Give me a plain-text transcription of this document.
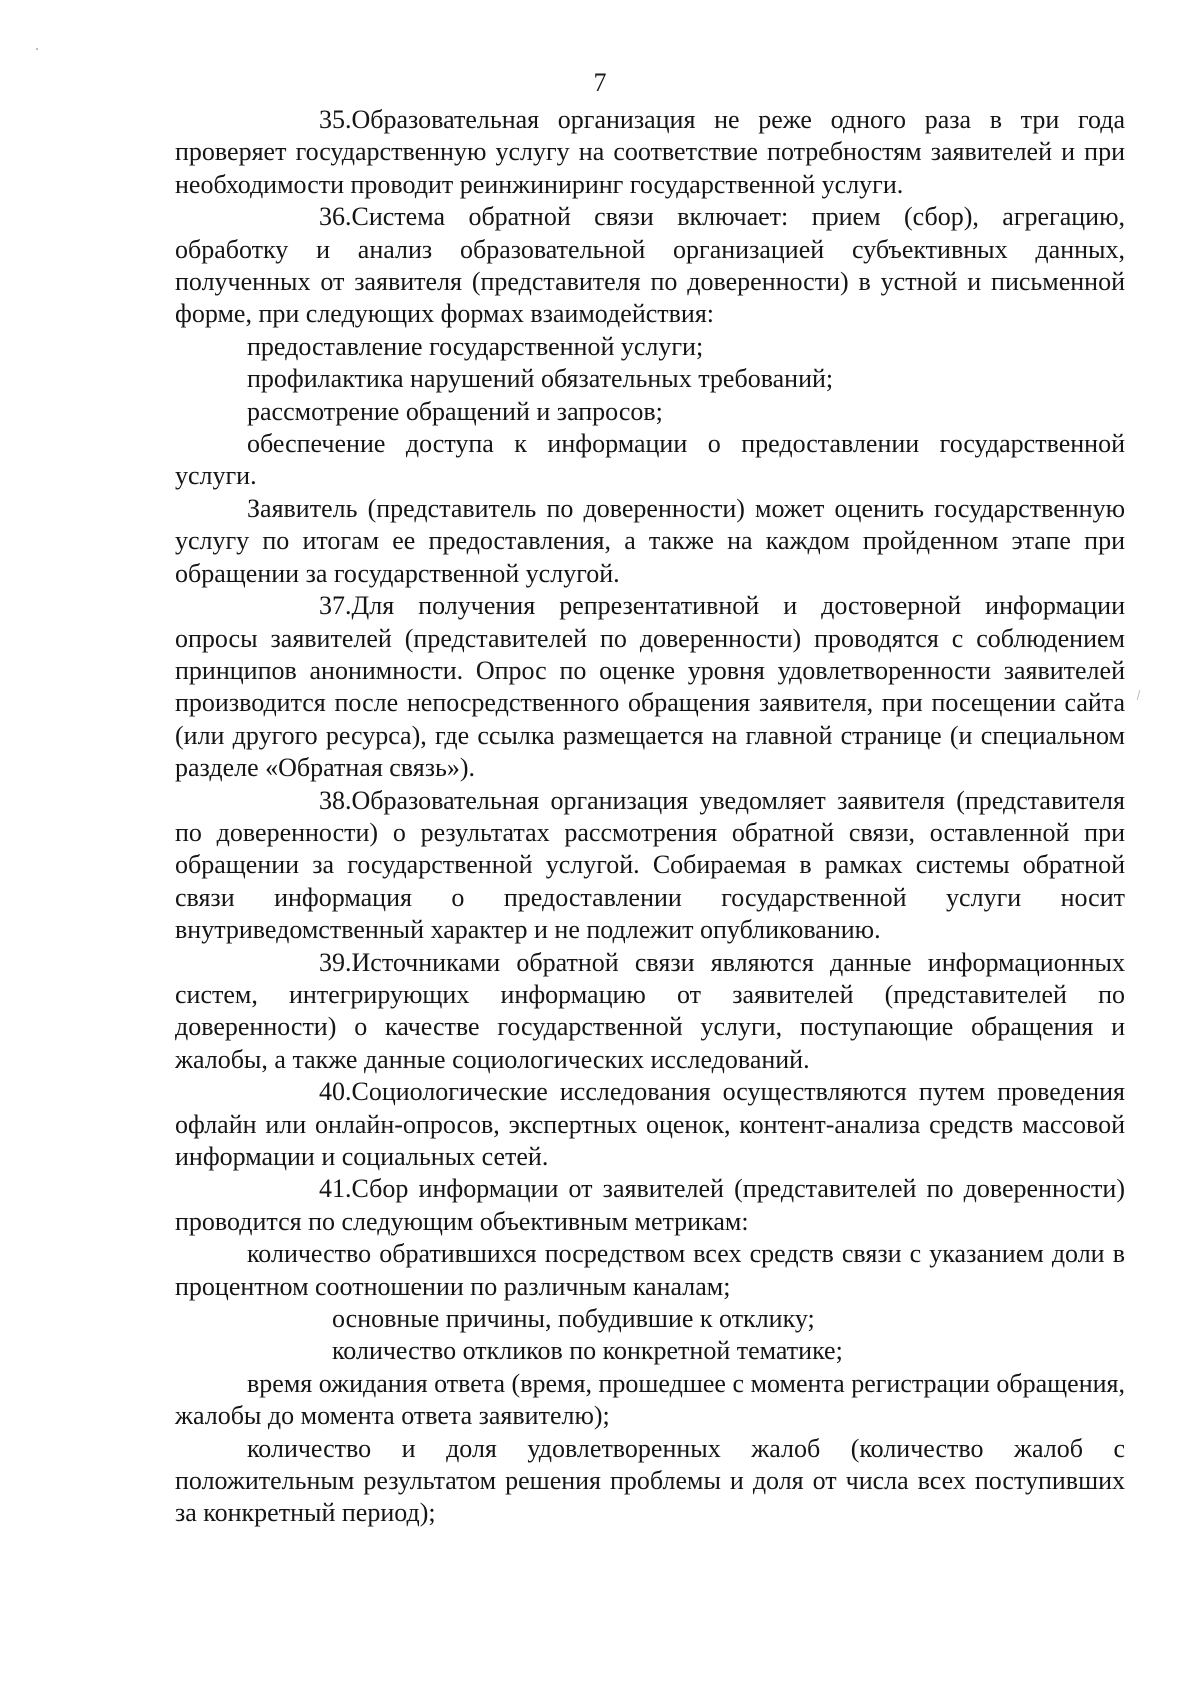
7

35.Образовательная организация не реже одного раза в три года проверяет государственную услугу на соответствие потребностям заявителей и при необходимости проводит реинжиниринг государственной услуги.

36.Система обратной связи включает: прием (сбор), агрегацию, обработку и анализ образовательной организацией субъективных данных, полученных от заявителя (представителя по доверенности) в устной и письменной форме, при следующих формах взаимодействия:

предоставление государственной услуги;

профилактика нарушений обязательных требований;

рассмотрение обращений и запросов;

обеспечение доступа к информации о предоставлении государственной услуги.

Заявитель (представитель по доверенности) может оценить государственную услугу по итогам ее предоставления, а также на каждом пройденном этапе при обращении за государственной услугой.

37.Для получения репрезентативной и достоверной информации опросы заявителей (представителей по доверенности) проводятся с соблюдением принципов анонимности. Опрос по оценке уровня удовлетворенности заявителей производится после непосредственного обращения заявителя, при посещении сайта (или другого ресурса), где ссылка размещается на главной странице (и специальном разделе «Обратная связь»).

38.Образовательная организация уведомляет заявителя (представителя по доверенности) о результатах рассмотрения обратной связи, оставленной при обращении за государственной услугой. Собираемая в рамках системы обратной связи информация о предоставлении государственной услуги носит внутриведомственный характер и не подлежит опубликованию.

39.Источниками обратной связи являются данные информационных систем, интегрирующих информацию от заявителей (представителей по доверенности) о качестве государственной услуги, поступающие обращения и жалобы, а также данные социологических исследований.

40.Социологические исследования осуществляются путем проведения офлайн или онлайн-опросов, экспертных оценок, контент-анализа средств массовой информации и социальных сетей.

41.Сбор информации от заявителей (представителей по доверенности) проводится по следующим объективным метрикам:

количество обратившихся посредством всех средств связи с указанием доли в процентном соотношении по различным каналам;

основные причины, побудившие к отклику;

количество откликов по конкретной тематике;

время ожидания ответа (время, прошедшее с момента регистрации обращения, жалобы до момента ответа заявителю);

количество и доля удовлетворенных жалоб (количество жалоб с положительным результатом решения проблемы и доля от числа всех поступивших за конкретный период);
